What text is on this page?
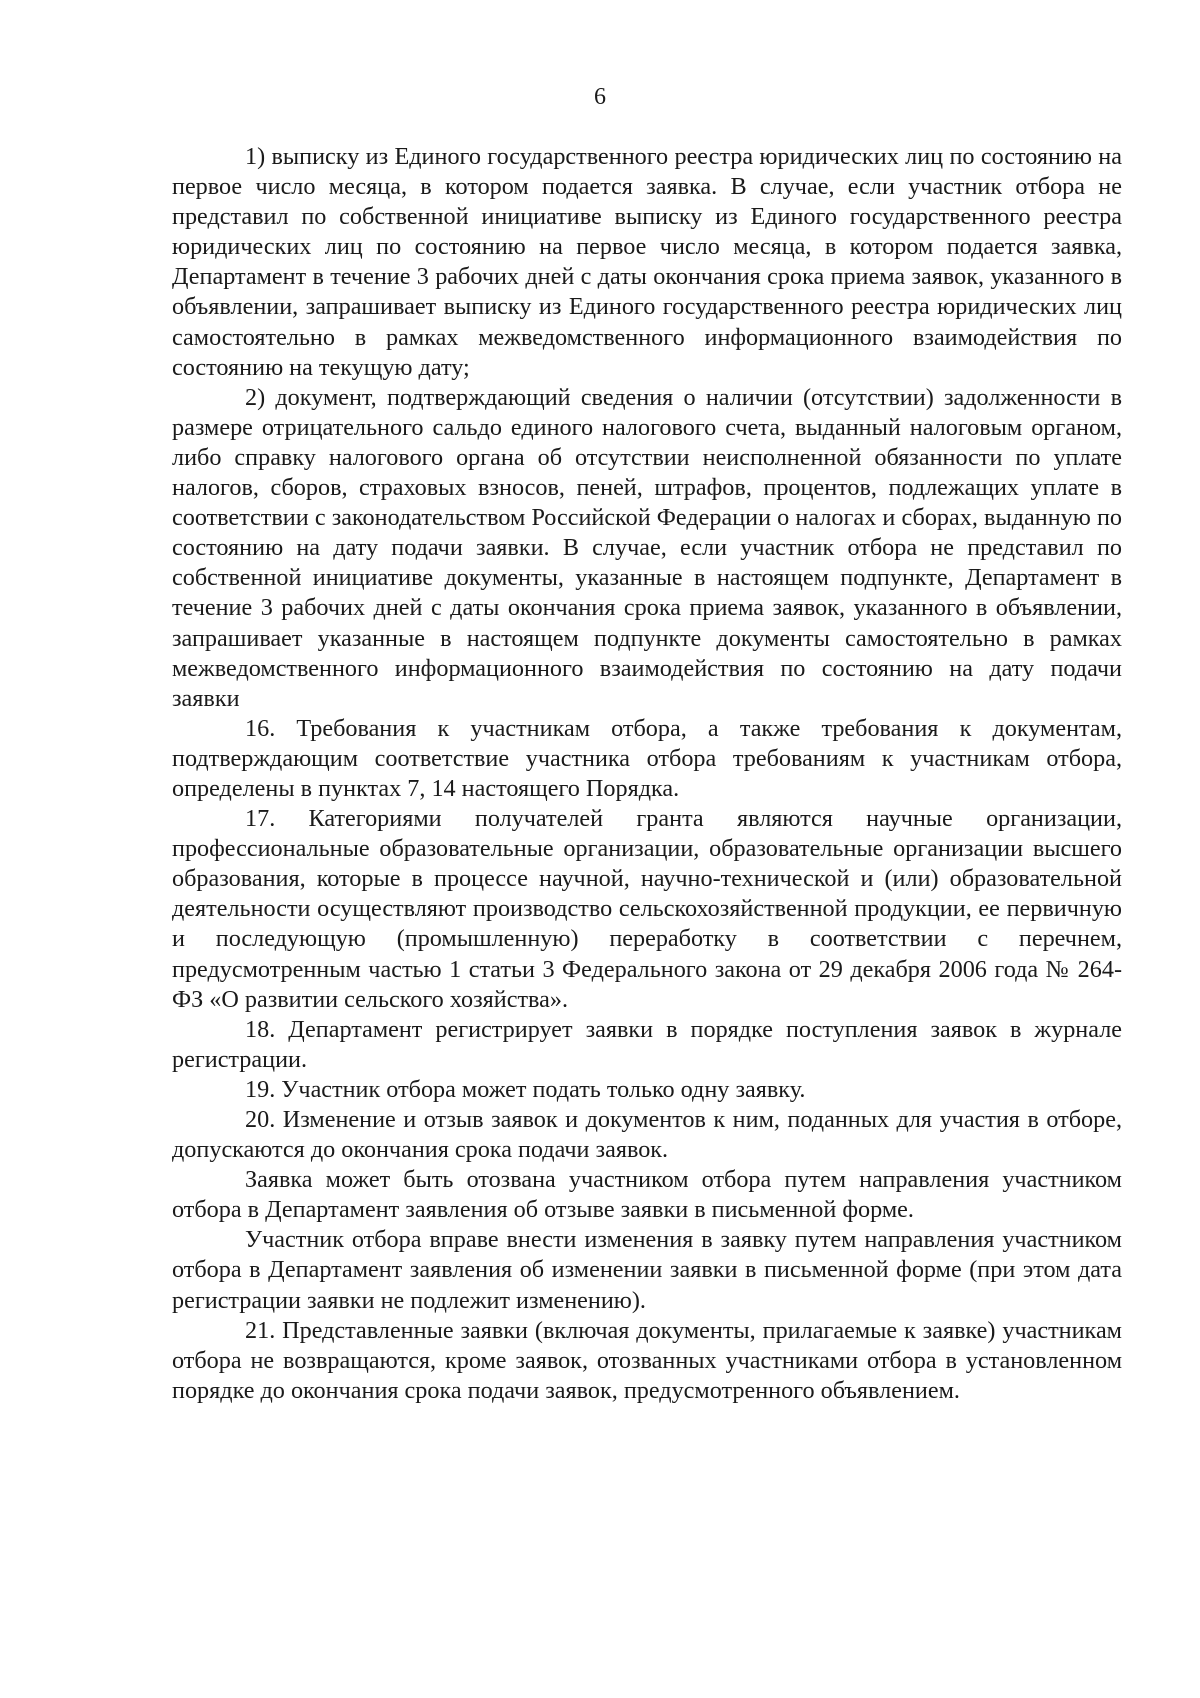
6

1) выписку из Единого государственного реестра юридических лиц по состоянию на первое число месяца, в котором подается заявка. В случае, если участник отбора не представил по собственной инициативе выписку из Единого государственного реестра юридических лиц по состоянию на первое число месяца, в котором подается заявка, Департамент в течение 3 рабочих дней с даты окончания срока приема заявок, указанного в объявлении, запрашивает выписку из Единого государственного реестра юридических лиц самостоятельно в рамках межведомственного информационного взаимодействия по состоянию на текущую дату;

2) документ, подтверждающий сведения о наличии (отсутствии) задолженности в размере отрицательного сальдо единого налогового счета, выданный налоговым органом, либо справку налогового органа об отсутствии неисполненной обязанности по уплате налогов, сборов, страховых взносов, пеней, штрафов, процентов, подлежащих уплате в соответствии с законодательством Российской Федерации о налогах и сборах, выданную по состоянию на дату подачи заявки. В случае, если участник отбора не представил по собственной инициативе документы, указанные в настоящем подпункте, Департамент в течение 3 рабочих дней с даты окончания срока приема заявок, указанного в объявлении, запрашивает указанные в настоящем подпункте документы самостоятельно в рамках межведомственного информационного взаимодействия по состоянию на дату подачи заявки

16. Требования к участникам отбора, а также требования к документам, подтверждающим соответствие участника отбора требованиям к участникам отбора, определены в пунктах 7, 14 настоящего Порядка.

17. Категориями получателей гранта являются научные организации, профессиональные образовательные организации, образовательные организации высшего образования, которые в процессе научной, научно-технической и (или) образовательной деятельности осуществляют производство сельскохозяйственной продукции, ее первичную и последующую (промышленную) переработку в соответствии с перечнем, предусмотренным частью 1 статьи 3 Федерального закона от 29 декабря 2006 года № 264-ФЗ «О развитии сельского хозяйства».

18. Департамент регистрирует заявки в порядке поступления заявок в журнале регистрации.

19. Участник отбора может подать только одну заявку.

20. Изменение и отзыв заявок и документов к ним, поданных для участия в отборе, допускаются до окончания срока подачи заявок.

Заявка может быть отозвана участником отбора путем направления участником отбора в Департамент заявления об отзыве заявки в письменной форме.

Участник отбора вправе внести изменения в заявку путем направления участником отбора в Департамент заявления об изменении заявки в письменной форме (при этом дата регистрации заявки не подлежит изменению).

21. Представленные заявки (включая документы, прилагаемые к заявке) участникам отбора не возвращаются, кроме заявок, отозванных участниками отбора в установленном порядке до окончания срока подачи заявок, предусмотренного объявлением.
